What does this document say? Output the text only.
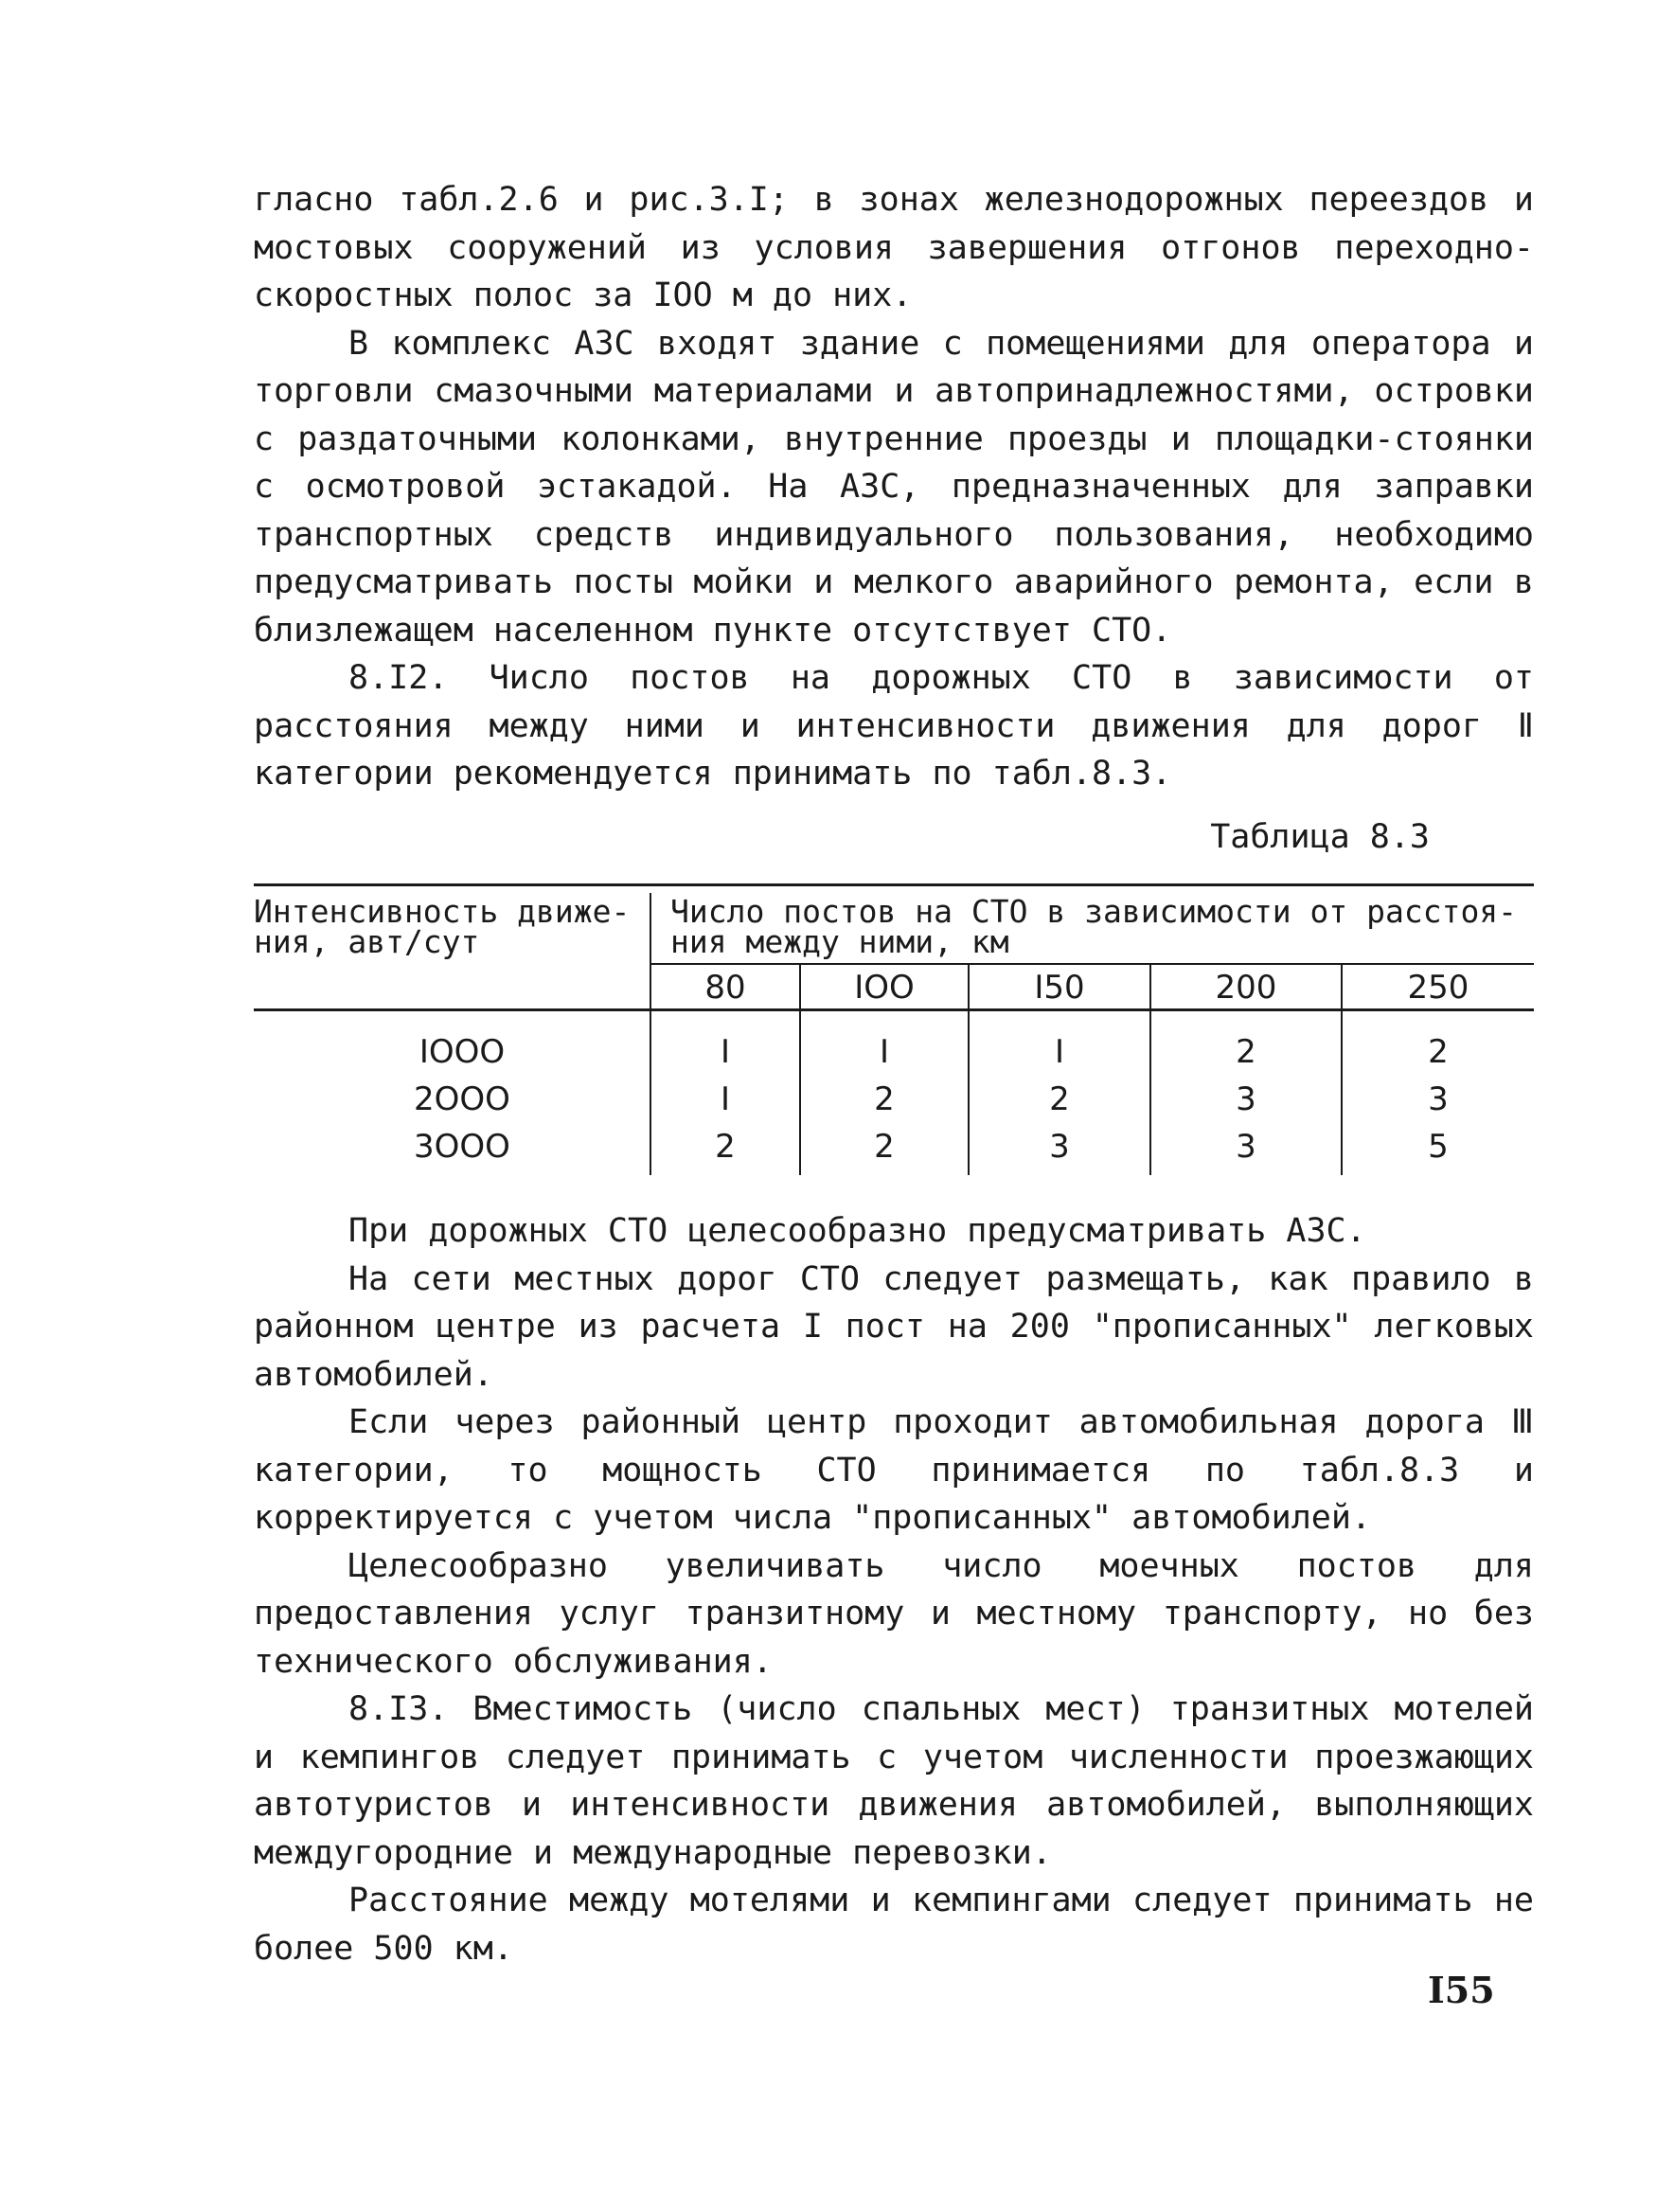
гласно табл.2.6 и рис.3.I; в зонах железнодорожных переездов и мостовых сооружений из условия завершения отгонов переходно-скоростных полос за IOO м до них.

В комплекс АЗС входят здание с помещениями для оператора и торговли смазочными материалами и автопринадлежностями, островки с раздаточными колонками, внутренние проезды и площадки-стоянки с осмотровой эстакадой. На АЗС, предназначенных для заправки транспортных средств индивидуального пользования, необходимо предусматривать посты мойки и мелкого аварийного ремонта, если в близлежащем населенном пункте отсутствует СТО.

8.I2. Число постов на дорожных СТО в зависимости от расстояния между ними и интенсивности движения для дорог Ⅱ категории рекомендуется принимать по табл.8.3.

Таблица 8.3

Интенсивность движе-
ния, авт/сут
Число постов на СТО в зависимости от расстоя-
ния между ними, км
80	IOO	I50	200	250
IOOO	I	I	I	2	2
2OOO	I	2	2	3	3
3OOO	2	2	3	3	5

При дорожных СТО целесообразно предусматривать АЗС.

На сети местных дорог СТО следует размещать, как правило в районном центре из расчета I пост на 200 "прописанных" легковых автомобилей.

Если через районный центр проходит автомобильная дорога Ⅲ категории, то мощность СТО принимается по табл.8.3 и корректируется с учетом числа "прописанных" автомобилей.

Целесообразно увеличивать число моечных постов для предоставления услуг транзитному и местному транспорту, но без технического обслуживания.

8.I3. Вместимость (число спальных мест) транзитных мотелей и кемпингов следует принимать с учетом численности проезжающих автотуристов и интенсивности движения автомобилей, выполняющих междугородние и международные перевозки.

Расстояние между мотелями и кемпингами следует принимать не более 500 км.

I55
